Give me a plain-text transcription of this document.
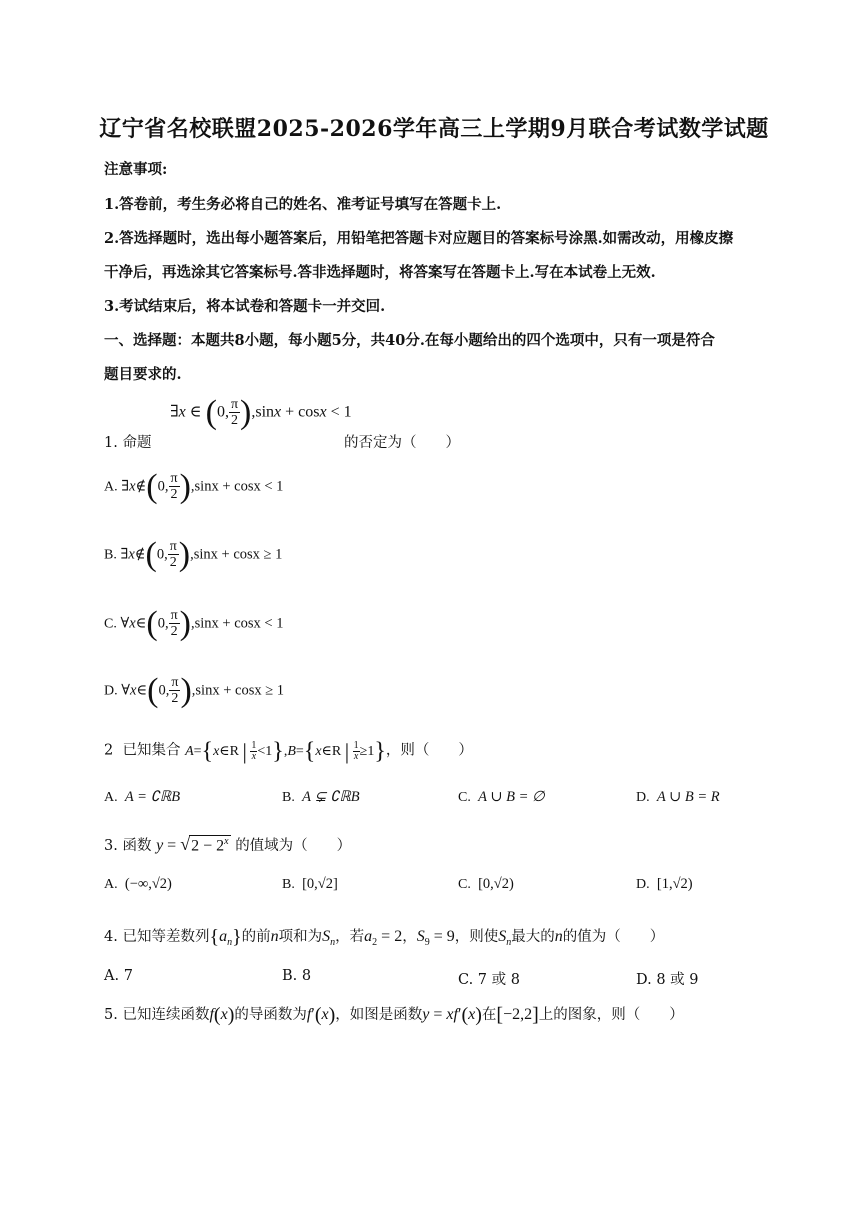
辽宁省名校联盟2025-2026学年高三上学期9月联合考试数学试题
注意事项:
1.答卷前，考生务必将自己的姓名、准考证号填写在答题卡上.
2.答选择题时，选出每小题答案后，用铅笔把答题卡对应题目的答案标号涂黑.如需改动，用橡皮擦
干净后，再选涂其它答案标号.答非选择题时，将答案写在答题卡上.写在本试卷上无效.
3.考试结束后，将本试卷和答题卡一并交回.
一、选择题：本题共8小题，每小题5分，共40分.在每小题给出的四个选项中，只有一项是符合
题目要求的.
∃x ∈ (0, $\frac{\pi}{2} ),\sin x + \cos x < 1$
1. 命题	的否定为（　　）
A. ∃x∉(0, $\frac{\pi}{2} ),\sin x + \cos x < 1$
B. ∃x∉(0, $\frac{\pi}{2} ),\sin x + \cos x \ge 1$
C. ∀x∈(0, $\frac{\pi}{2} ),\sin x + \cos x < 1$
D. ∀x∈(0, $\frac{\pi}{2} ),\sin x + \cos x \ge 1$
2 已知集合 A={x∈R | $\frac{1}{x}$ <1},B={x∈R | $\frac{1}{x} \ge 1$}，则（　　）
A. A = ∁ℝB	B. A ⊊ ∁ℝB	C. A ∪ B = ∅	D. A ∪ B = R
3. 函数 $y = √2 - 2^x$ 的值域为（　　）
A. (−∞,√2)	B. [0,√2]	C. [0,√2)	D. [1,√2)
4. 已知等差数列$\{a_n\}$的前n项和为$S_n$，若$a_2 = 2$，$S_9 = 9$，则使$S_n$最大的n的值为（　　）
A. 7	B. 8	C. 7 或 8	D. 8 或 9
5. 已知连续函数f(x)的导函数为f′(x)，如图是函数y = xf′(x)在[−2,2]上的图象，则（　　）
